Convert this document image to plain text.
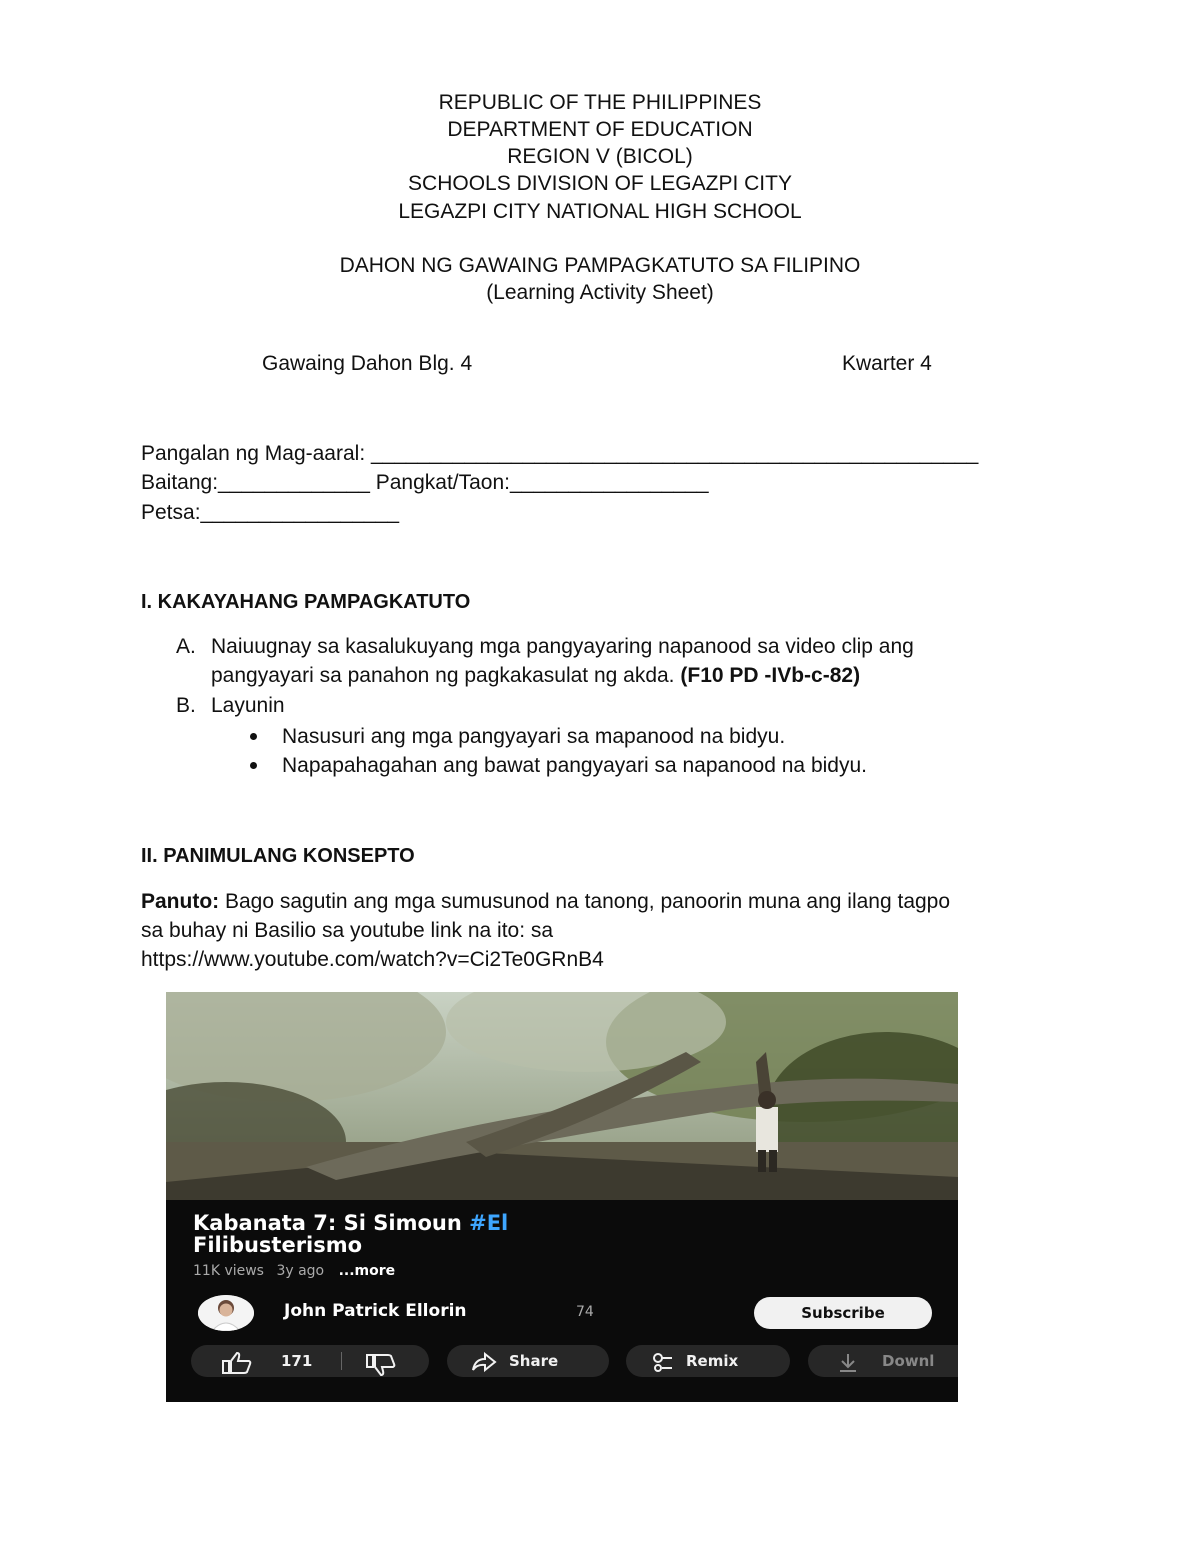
REPUBLIC OF THE PHILIPPINES
DEPARTMENT OF EDUCATION
REGION V (BICOL)
SCHOOLS DIVISION OF LEGAZPI CITY
LEGAZPI CITY NATIONAL HIGH SCHOOL
DAHON NG GAWAING PAMPAGKATUTO SA FILIPINO
(Learning Activity Sheet)
Gawaing Dahon Blg. 4	Kwarter 4
Pangalan ng Mag-aaral: ____________________________________________________
Baitang:_____________ Pangkat/Taon:_________________
Petsa:_________________
I. KAKAYAHANG PAMPAGKATUTO
A. Naiuugnay sa kasalukuyang mga pangyayaring napanood sa video clip ang
pangyayari sa panahon ng pagkakasulat ng akda. (F10 PD -IVb-c-82)
B. Layunin
Nasusuri ang mga pangyayari sa mapanood na bidyu.
Napapahagahan ang bawat pangyayari sa napanood na bidyu.
II. PANIMULANG KONSEPTO
Panuto: Bago sagutin ang mga sumusunod na tanong, panoorin muna ang ilang tagpo
sa buhay ni Basilio sa youtube link na ito: sa
https://www.youtube.com/watch?v=Ci2Te0GRnB4
Kabanata 7: Si Simoun #El
Filibusterismo
11K views 3y ago ...more
John Patrick Ellorin	74	Subscribe
171	Share	Remix	Downl
